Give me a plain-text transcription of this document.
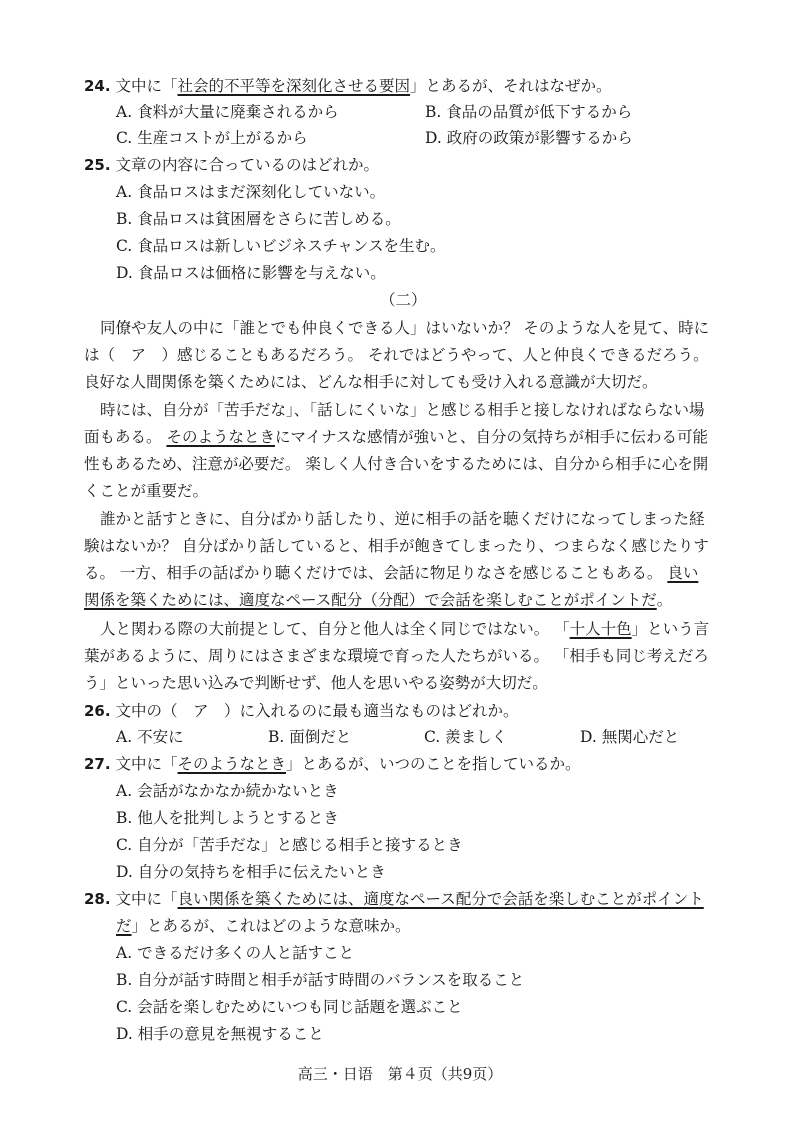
24. 文中に「社会的不平等を深刻化させる要因」とあるが、それはなぜか。
A. 食料が大量に廃棄されるから	B. 食品の品質が低下するから
C. 生産コストが上がるから	D. 政府の政策が影響するから
25. 文章の内容に合っているのはどれか。
A. 食品ロスはまだ深刻化していない。
B. 食品ロスは貧困層をさらに苦しめる。
C. 食品ロスは新しいビジネスチャンスを生む。
D. 食品ロスは価格に影響を与えない。
（二）
同僚や友人の中に「誰とでも仲良くできる人」はいないか？ そのような人を見て、時に
は（　ア　）感じることもあるだろう。 それではどうやって、人と仲良くできるだろう。
良好な人間関係を築くためには、どんな相手に対しても受け入れる意識が大切だ。
時には、自分が「苦手だな」、「話しにくいな」と感じる相手と接しなければならない場
面もある。 そのようなときにマイナスな感情が強いと、自分の気持ちが相手に伝わる可能
性もあるため、注意が必要だ。 楽しく人付き合いをするためには、自分から相手に心を開
くことが重要だ。
誰かと話すときに、自分ばかり話したり、逆に相手の話を聴くだけになってしまった経
験はないか？ 自分ばかり話していると、相手が飽きてしまったり、つまらなく感じたりす
る。 一方、相手の話ばかり聴くだけでは、会話に物足りなさを感じることもある。 良い
関係を築くためには、適度なペース配分（分配）で会話を楽しむことがポイントだ。
人と関わる際の大前提として、自分と他人は全く同じではない。 「十人十色」という言
葉があるように、周りにはさまざまな環境で育った人たちがいる。 「相手も同じ考えだろ
う」といった思い込みで判断せず、他人を思いやる姿勢が大切だ。
26. 文中の（　ア　）に入れるのに最も適当なものはどれか。
A. 不安に	B. 面倒だと	C. 羨ましく	D. 無関心だと
27. 文中に「そのようなとき」とあるが、いつのことを指しているか。
A. 会話がなかなか続かないとき
B. 他人を批判しようとするとき
C. 自分が「苦手だな」と感じる相手と接するとき
D. 自分の気持ちを相手に伝えたいとき
28. 文中に「良い関係を築くためには、適度なペース配分で会話を楽しむことがポイント
だ」とあるが、これはどのような意味か。
A. できるだけ多くの人と話すこと
B. 自分が話す時間と相手が話す時間のバランスを取ること
C. 会話を楽しむためにいつも同じ話題を選ぶこと
D. 相手の意見を無視すること
高三・日语　第４页（共9页）
